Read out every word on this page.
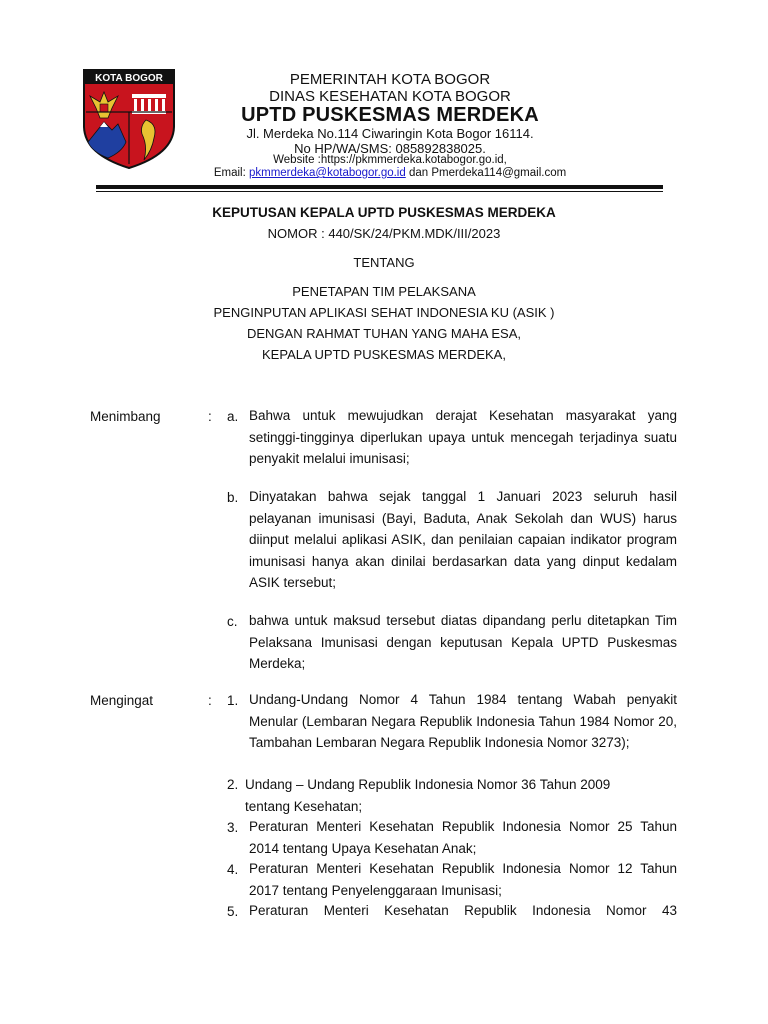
KOTA BOGOR	PEMERINTAH KOTA BOGOR
DINAS KESEHATAN KOTA BOGOR
UPTD PUSKESMAS MERDEKA
Jl. Merdeka No.114 Ciwaringin Kota Bogor 16114.
No HP/WA/SMS: 085892838025.
Website :https://pkmmerdeka.kotabogor.go.id,
Email: pkmmerdeka@kotabogor.go.id dan Pmerdeka114@gmail.com
KEPUTUSAN KEPALA UPTD PUSKESMAS MERDEKA
NOMOR : 440/SK/24/PKM.MDK/III/2023
TENTANG
PENETAPAN TIM PELAKSANA
PENGINPUTAN APLIKASI SEHAT INDONESIA KU (ASIK )
DENGAN RAHMAT TUHAN YANG MAHA ESA,
KEPALA UPTD PUSKESMAS MERDEKA,
Menimbang	: a. Bahwa untuk mewujudkan derajat Kesehatan masyarakat yang setinggi-tingginya diperlukan upaya untuk mencegah terjadinya suatu penyakit melalui imunisasi;
b. Dinyatakan bahwa sejak tanggal 1 Januari 2023 seluruh hasil pelayanan imunisasi (Bayi, Baduta, Anak Sekolah dan WUS) harus diinput melalui aplikasi ASIK, dan penilaian capaian indikator program imunisasi hanya akan dinilai berdasarkan data yang dinput kedalam ASIK tersebut;
c. bahwa untuk maksud tersebut diatas dipandang perlu ditetapkan Tim Pelaksana Imunisasi dengan keputusan Kepala UPTD Puskesmas Merdeka;
Mengingat	: 1. Undang-Undang Nomor 4 Tahun 1984 tentang Wabah penyakit Menular (Lembaran Negara Republik Indonesia Tahun 1984 Nomor 20, Tambahan Lembaran Negara Republik Indonesia Nomor 3273);
2. Undang – Undang Republik Indonesia Nomor 36 Tahun 2009
tentang Kesehatan;
3. Peraturan Menteri Kesehatan Republik Indonesia Nomor 25 Tahun 2014 tentang Upaya Kesehatan Anak;
4. Peraturan Menteri Kesehatan Republik Indonesia Nomor 12 Tahun 2017 tentang Penyelenggaraan Imunisasi;
5. Peraturan Menteri Kesehatan Republik Indonesia Nomor 43
